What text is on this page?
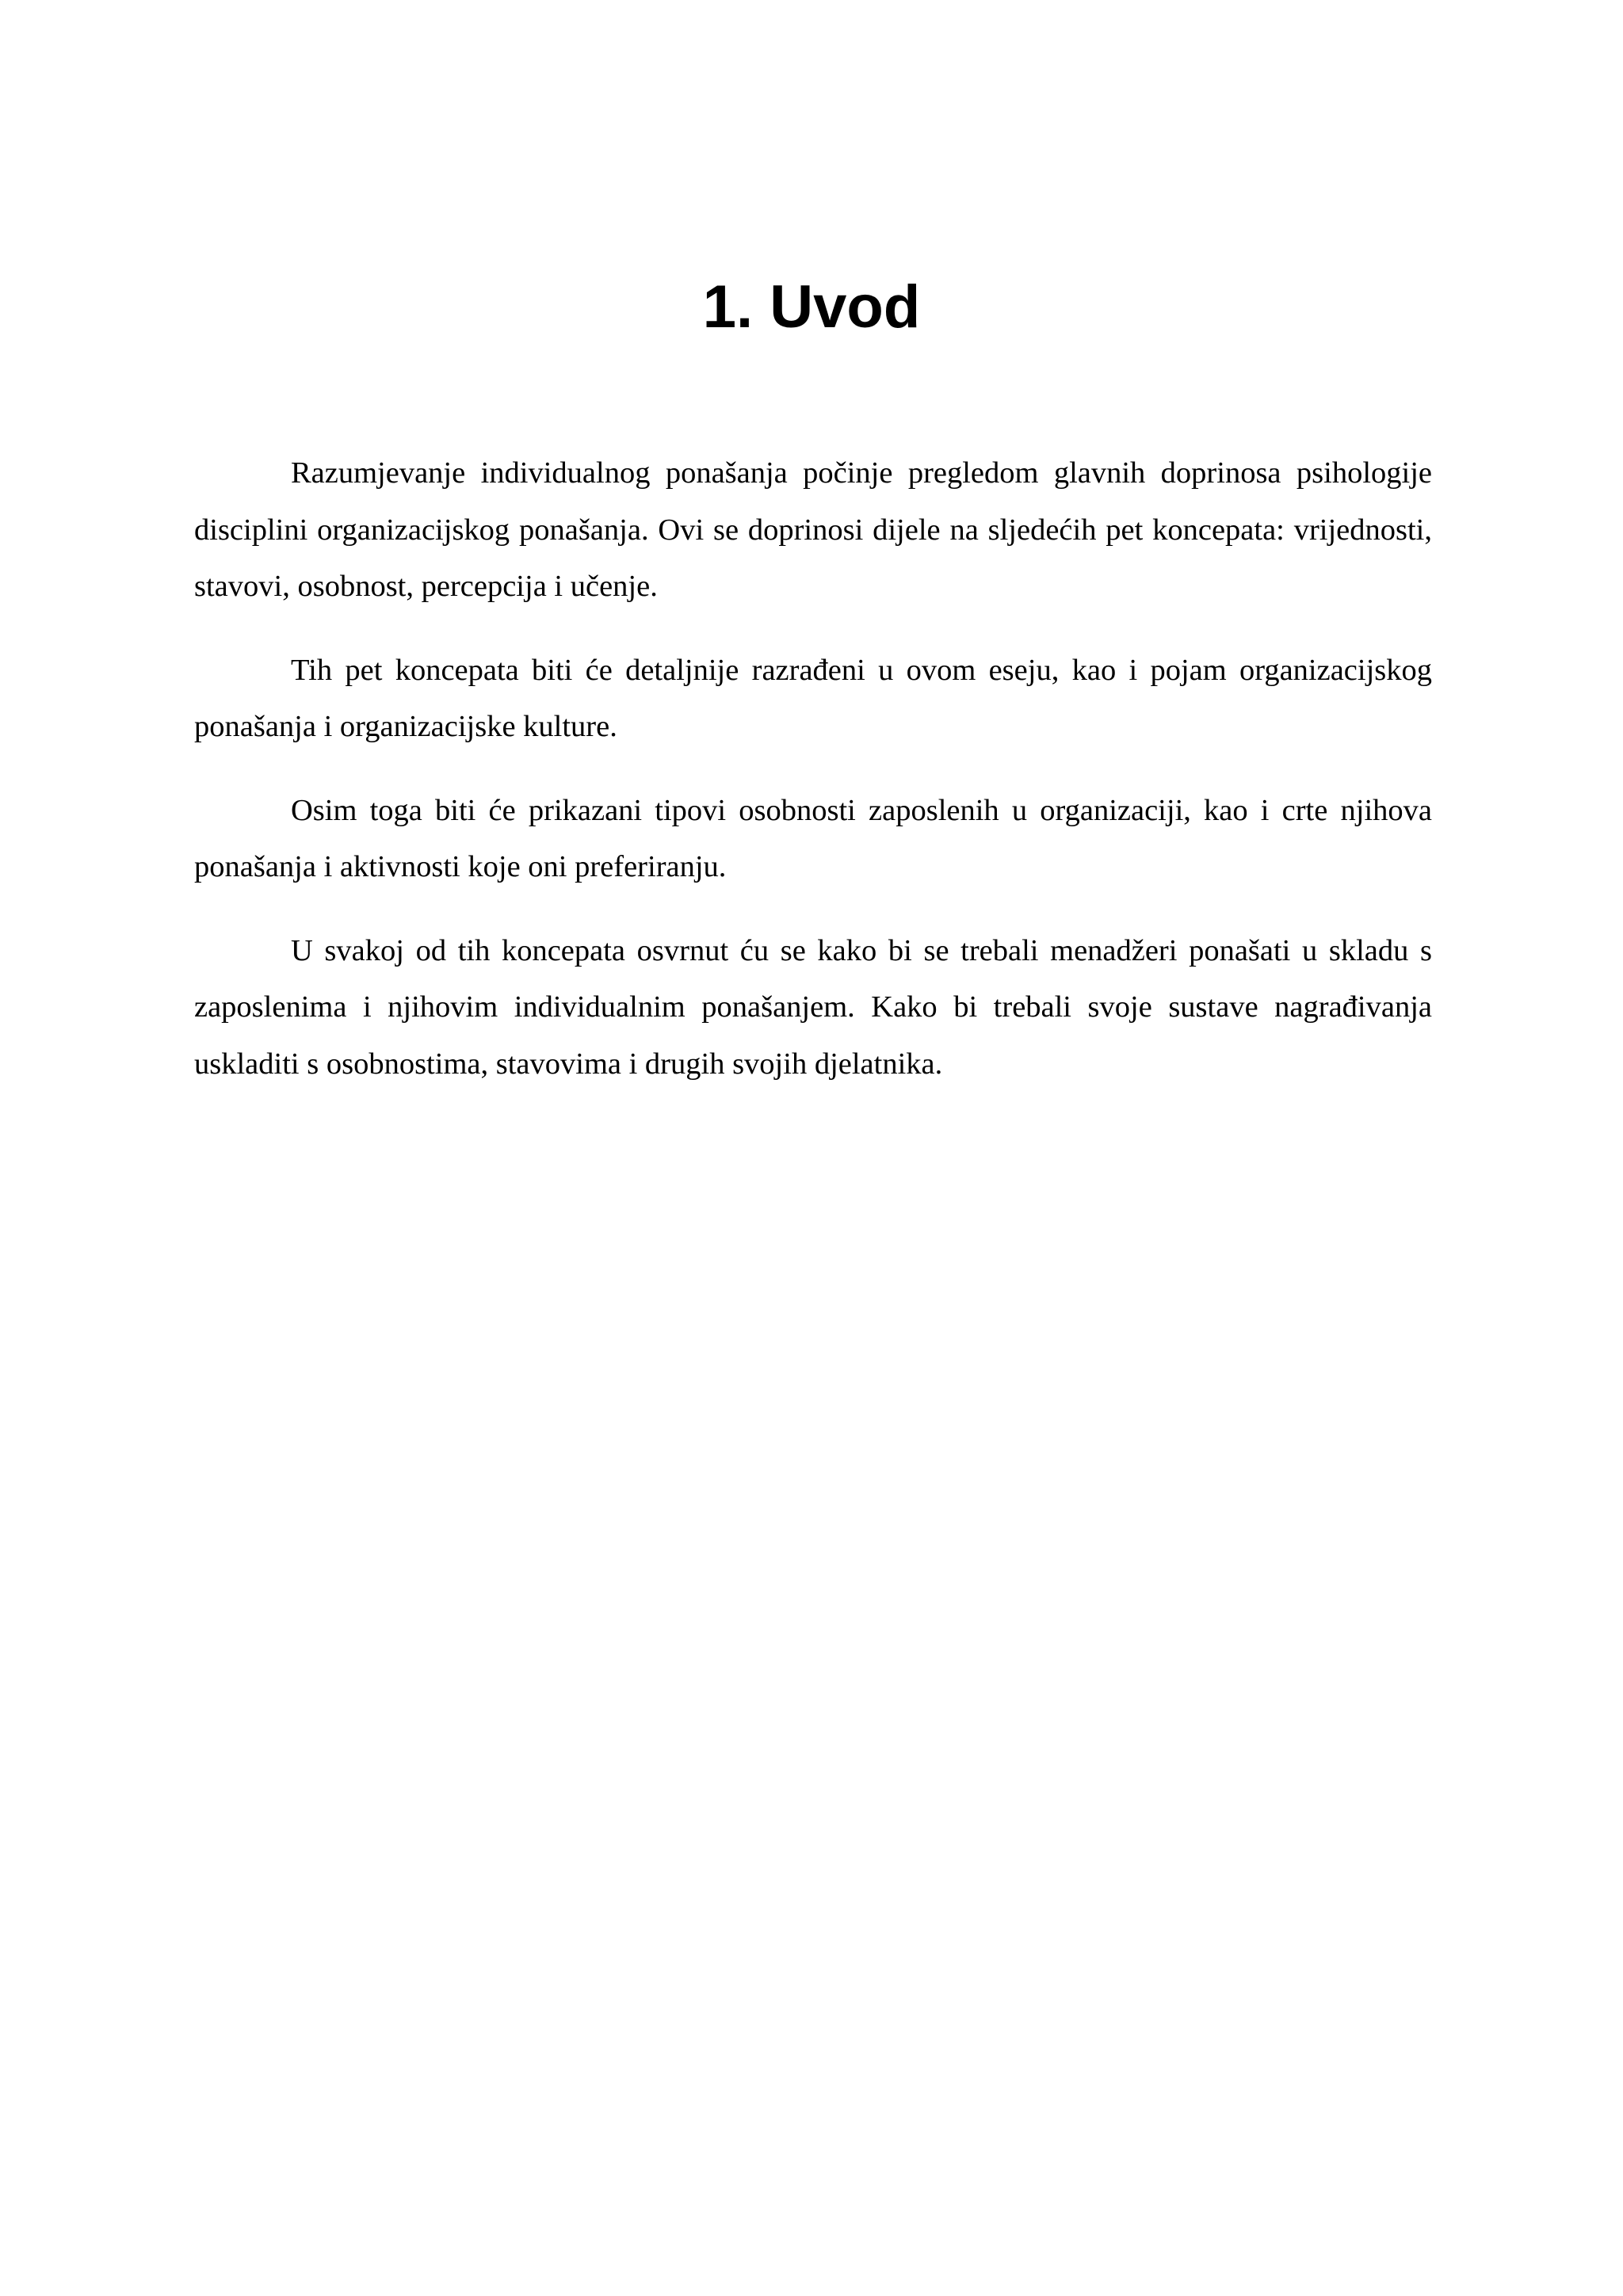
1. Uvod

Razumjevanje individualnog ponašanja počinje pregledom glavnih doprinosa psihologije disciplini organizacijskog ponašanja. Ovi se doprinosi dijele na sljedećih pet koncepata: vrijednosti, stavovi, osobnost, percepcija i učenje.

Tih pet koncepata biti će detaljnije razrađeni u ovom eseju, kao i pojam organizacijskog ponašanja i organizacijske kulture.

Osim toga biti će prikazani tipovi osobnosti zaposlenih u organizaciji, kao i crte njihova ponašanja i aktivnosti koje oni preferiranju.

U svakoj od tih koncepata osvrnut ću se kako bi se trebali menadžeri ponašati u skladu s zaposlenima i njihovim individualnim ponašanjem. Kako bi trebali svoje sustave nagrađivanja uskladiti s osobnostima, stavovima i drugih svojih djelatnika.
